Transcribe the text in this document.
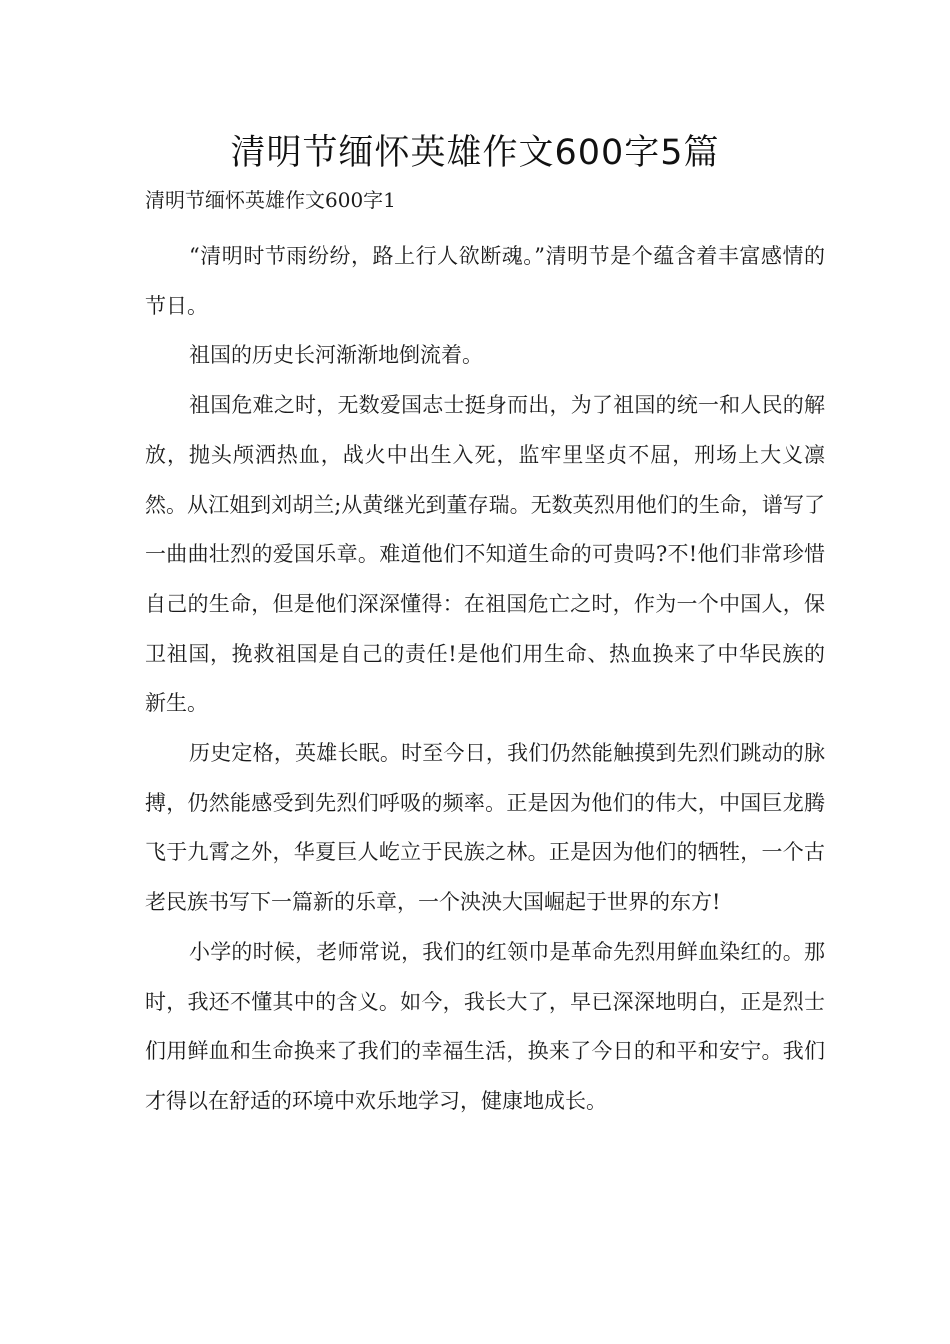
清明节缅怀英雄作文600字5篇
清明节缅怀英雄作文600字1

“清明时节雨纷纷，路上行人欲断魂。”清明节是个蕴含着丰富感情的节日。

祖国的历史长河渐渐地倒流着。

祖国危难之时，无数爱国志士挺身而出，为了祖国的统一和人民的解放，抛头颅洒热血，战火中出生入死，监牢里坚贞不屈，刑场上大义凛然。从江姐到刘胡兰;从黄继光到董存瑞。无数英烈用他们的生命，谱写了一曲曲壮烈的爱国乐章。难道他们不知道生命的可贵吗?不!他们非常珍惜自己的生命，但是他们深深懂得：在祖国危亡之时，作为一个中国人，保卫祖国，挽救祖国是自己的责任!是他们用生命、热血换来了中华民族的新生。

历史定格，英雄长眠。时至今日，我们仍然能触摸到先烈们跳动的脉搏，仍然能感受到先烈们呼吸的频率。正是因为他们的伟大，中国巨龙腾飞于九霄之外，华夏巨人屹立于民族之林。正是因为他们的牺牲，一个古老民族书写下一篇新的乐章，一个泱泱大国崛起于世界的东方!

小学的时候，老师常说，我们的红领巾是革命先烈用鲜血染红的。那时，我还不懂其中的含义。如今，我长大了，早已深深地明白，正是烈士们用鲜血和生命换来了我们的幸福生活，换来了今日的和平和安宁。我们才得以在舒适的环境中欢乐地学习，健康地成长。
